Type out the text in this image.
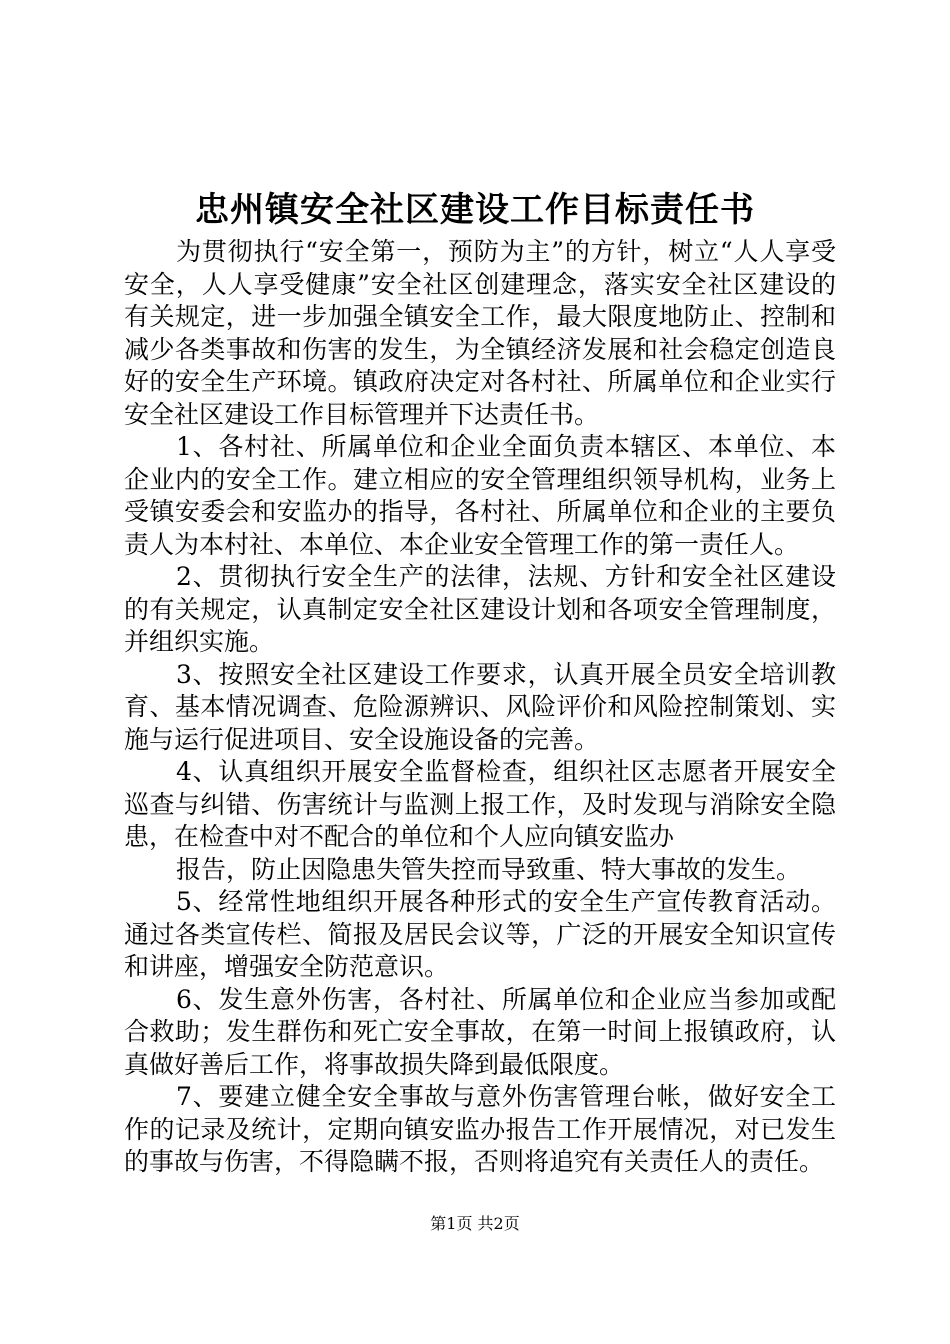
忠州镇安全社区建设工作目标责任书

为贯彻执行“安全第一，预防为主”的方针，树立“人人享受安全，人人享受健康”安全社区创建理念，落实安全社区建设的有关规定，进一步加强全镇安全工作，最大限度地防止、控制和减少各类事故和伤害的发生，为全镇经济发展和社会稳定创造良好的安全生产环境。镇政府决定对各村社、所属单位和企业实行安全社区建设工作目标管理并下达责任书。

1、各村社、所属单位和企业全面负责本辖区、本单位、本企业内的安全工作。建立相应的安全管理组织领导机构，业务上受镇安委会和安监办的指导，各村社、所属单位和企业的主要负责人为本村社、本单位、本企业安全管理工作的第一责任人。

2、贯彻执行安全生产的法律，法规、方针和安全社区建设的有关规定，认真制定安全社区建设计划和各项安全管理制度，并组织实施。

3、按照安全社区建设工作要求，认真开展全员安全培训教育、基本情况调查、危险源辨识、风险评价和风险控制策划、实施与运行促进项目、安全设施设备的完善。

4、认真组织开展安全监督检查，组织社区志愿者开展安全巡查与纠错、伤害统计与监测上报工作，及时发现与消除安全隐患，在检查中对不配合的单位和个人应向镇安监办

报告，防止因隐患失管失控而导致重、特大事故的发生。

5、经常性地组织开展各种形式的安全生产宣传教育活动。通过各类宣传栏、简报及居民会议等，广泛的开展安全知识宣传和讲座，增强安全防范意识。

6、发生意外伤害，各村社、所属单位和企业应当参加或配合救助；发生群伤和死亡安全事故，在第一时间上报镇政府，认真做好善后工作，将事故损失降到最低限度。

7、要建立健全安全事故与意外伤害管理台帐，做好安全工作的记录及统计，定期向镇安监办报告工作开展情况，对已发生的事故与伤害，不得隐瞒不报，否则将追究有关责任人的责任。

第1页 共2页
